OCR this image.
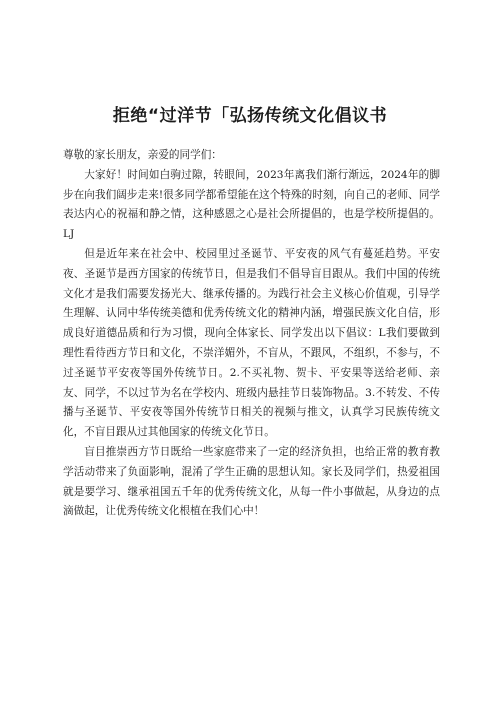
拒绝“过洋节「弘扬传统文化倡议书

尊敬的家长朋友，亲爱的同学们：

大家好！时间如白驹过隙，转眼间，2023年离我们渐行渐远，2024年的脚步在向我们阔步走来!很多同学都希望能在这个特殊的时刻，向自己的老师、同学表达内心的祝福和静之情，这种感恩之心是社会所提倡的，也是学校所提倡的。LJ

但是近年来在社会中、校园里过圣诞节、平安夜的风气有蔓延趋势。平安夜、圣诞节是西方国家的传统节日，但是我们不倡导盲目跟从。我们中国的传统文化才是我们需要发扬光大、继承传播的。为践行社会主义核心价值观，引导学生理解、认同中华传统美德和优秀传统文化的精神内涵，增强民族文化自信，形成良好道德品质和行为习惯，现向全体家长、同学发出以下倡议：L我们要做到理性看待西方节日和文化，不崇洋媚外，不盲从，不跟风，不组织，不参与，不过圣诞节平安夜等国外传统节日。2.不买礼物、贺卡、平安果等送给老师、亲友、同学，不以过节为名在学校内、班级内悬挂节日装饰物品。3.不转发、不传播与圣诞节、平安夜等国外传统节日相关的视频与推文，认真学习民族传统文化，不盲目跟从过其他国家的传统文化节日。

盲目推崇西方节日既给一些家庭带来了一定的经济负担，也给正常的教育教学活动带来了负面影响，混淆了学生正确的思想认知。家长及同学们，热爱祖国就是要学习、继承祖国五千年的优秀传统文化，从每一件小事做起，从身边的点滴做起，让优秀传统文化根植在我们心中！
